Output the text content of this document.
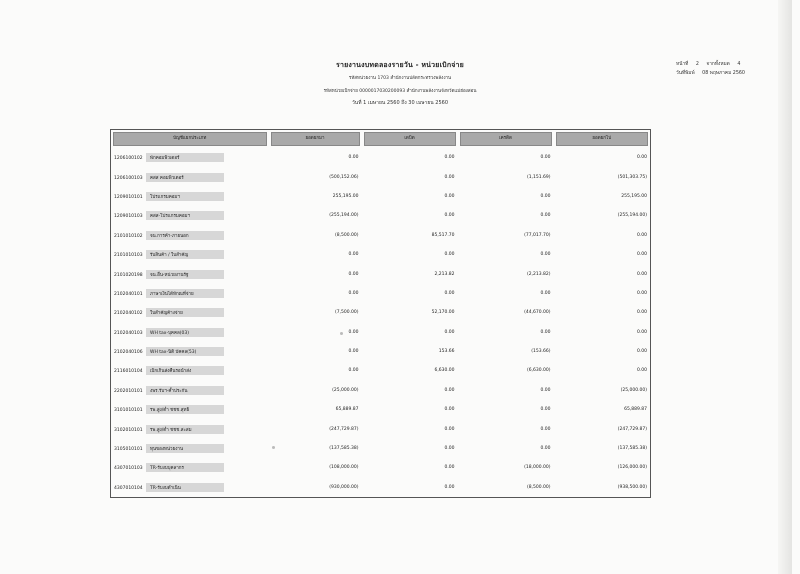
รายงานงบทดลองรายวัน - หน่วยเบิกจ่าย
รหัสหน่วยงาน 1703 สำนักงานปลัดกระทรวงพลังงาน
รหัสหน่วยเบิกจ่าย 0000017030200093 สำนักงานพลังงานจังหวัดแม่ฮ่องสอน
วันที่ 1 เมษายน 2560 ถึง 30 เมษายน 2560
หน้าที่ 2 จากทั้งหมด 4
วันที่พิมพ์ 08 พฤษภาคม 2560
บัญชีแยกประเภท	ยอดยกมา	เดบิต	เครดิต	ยอดยกไป

1206100102 พักคอมพิวเตอร์	0.00	0.00	0.00	0.00
1206100103 คสส คอมพิวเตอร์	(500,152.06)	0.00	(1,151.69)	(501,303.75)
1209010101 โปรแกรมคอมฯ	255,195.00	0.00	0.00	255,195.00
1209010103 คสส-โปรแกรมคอมฯ	(255,194.00)	0.00	0.00	(255,194.00)
2101010102 จน.การค้า-ภายนอก	(8,500.00)	85,517.70	(77,017.70)	0.00
2101010103 รับสินค้า / ใบสำคัญ	0.00	0.00	0.00	0.00
2101020198 จน.อื่น-หน่วยงานรัฐ	0.00	2,213.82	(2,213.82)	0.00
2102040101 ภาษาเงินได้หักณที่จ่าย	0.00	0.00	0.00	0.00
2102040102 ใบสำคัญค้างจ่าย	(7,500.00)	52,170.00	(44,670.00)	0.00
2102040103 WH tax-บุคคล(03)	0.00	0.00	0.00	0.00
2102040106 WH tax-นิติ บัคคล(53)	0.00	153.66	(153.66)	0.00
2116010104 เบิกเกินส่งคืนรอนำส่ง	0.00	6,630.00	(6,630.00)	0.00
2202010101 งพร.รับฯ-ค้ำประกัน	(25,000.00)	0.00	0.00	(25,000.00)
3101010101 รพ.สูง/ต่ำ ชชช.สุทธิ	65,889.87	0.00	0.00	65,889.87
3102010101 รพ.สูง/ต่ำ ชชช.สะสม	(247,729.87)	0.00	0.00	(247,729.87)
3105010101 ทุนของหน่วยงาน	(137,585.38)	0.00	0.00	(137,585.38)
4307010103 TR-รับงบบุคลากร	(108,000.00)	0.00	(18,000.00)	(126,000.00)
4307010104 TR-รับงบดำเนิน	(930,000.00)	0.00	(8,500.00)	(938,500.00)
